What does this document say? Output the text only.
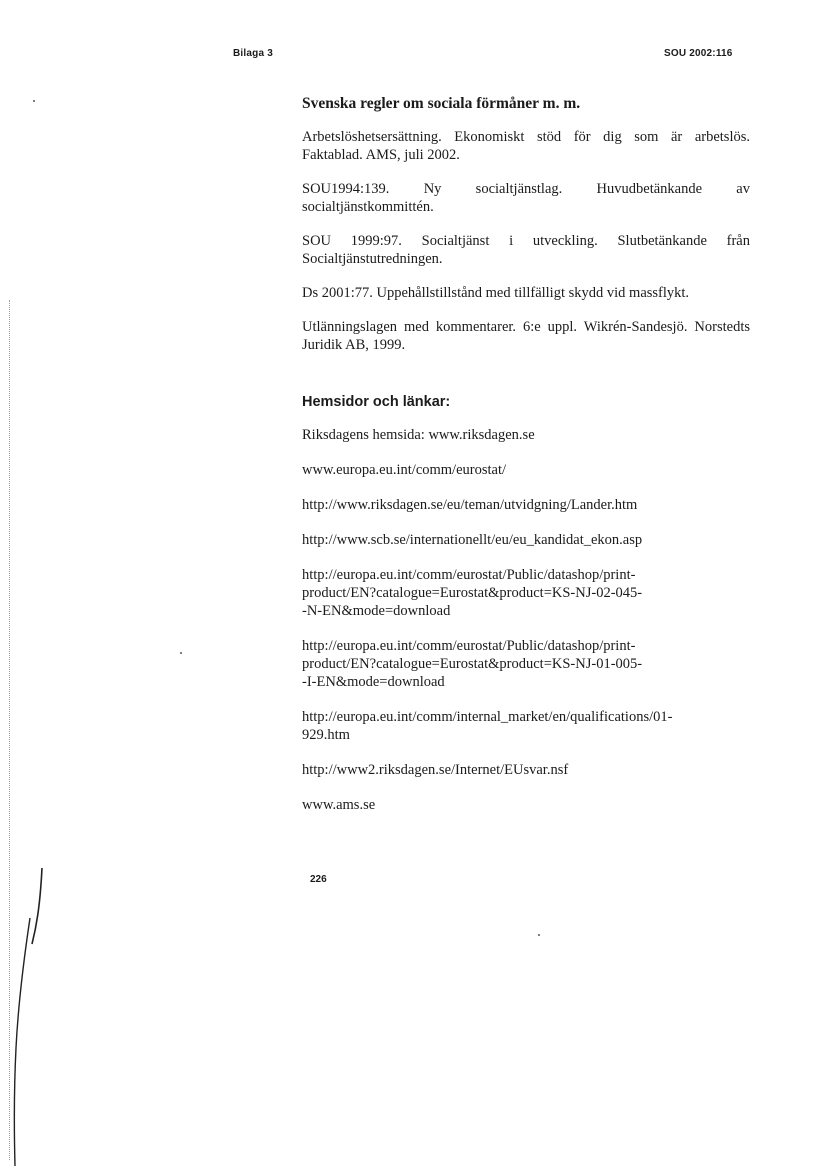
Bilaga 3	SOU 2002:116
Svenska regler om sociala förmåner m. m.

Arbetslöshetsersättning. Ekonomiskt stöd för dig som är arbetslös. Faktablad. AMS, juli 2002.

SOU1994:139. Ny socialtjänstlag. Huvudbetänkande av socialtjänstkommittén.

SOU 1999:97. Socialtjänst i utveckling. Slutbetänkande från Socialtjänstutredningen.

Ds 2001:77. Uppehållstillstånd med tillfälligt skydd vid massflykt.

Utlänningslagen med kommentarer. 6:e uppl. Wikrén-Sandesjö. Norstedts Juridik AB, 1999.

Hemsidor och länkar:

Riksdagens hemsida: www.riksdagen.se

www.europa.eu.int/comm/eurostat/

http://www.riksdagen.se/eu/teman/utvidgning/Lander.htm

http://www.scb.se/internationellt/eu/eu_kandidat_ekon.asp

http://europa.eu.int/comm/eurostat/Public/datashop/print-
product/EN?catalogue=Eurostat&product=KS-NJ-02-045-
-N-EN&mode=download

http://europa.eu.int/comm/eurostat/Public/datashop/print-
product/EN?catalogue=Eurostat&product=KS-NJ-01-005-
-I-EN&mode=download

http://europa.eu.int/comm/internal_market/en/qualifications/01-
929.htm

http://www2.riksdagen.se/Internet/EUsvar.nsf

www.ams.se

226
